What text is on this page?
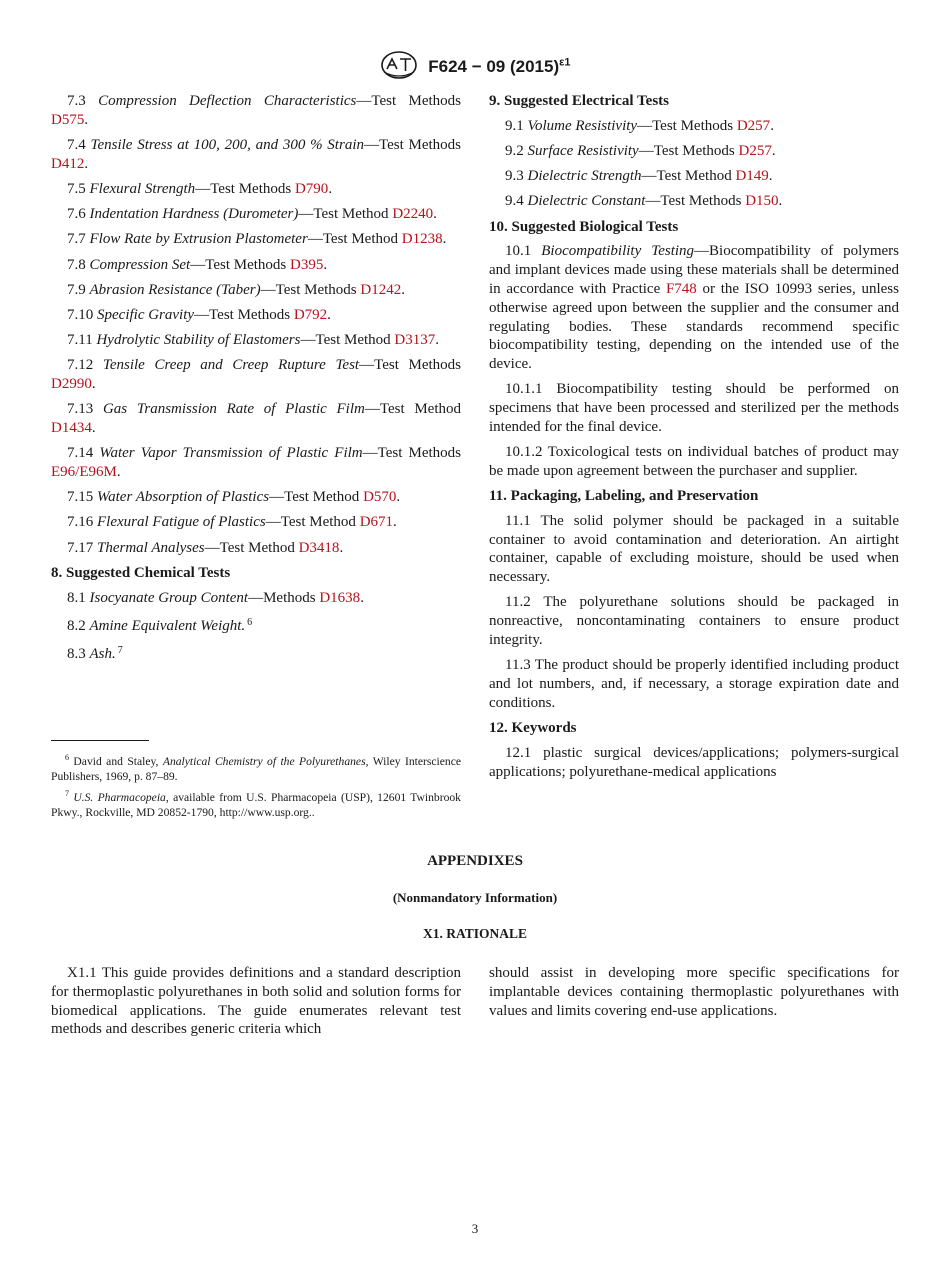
F624 − 09 $(2015)^{\varepsilon 1}$

7.3 Compression Deflection Characteristics—Test Methods D575.

7.4 Tensile Stress at 100, 200, and 300 % Strain—Test Methods D412.

7.5 Flexural Strength—Test Methods D790.

7.6 Indentation Hardness (Durometer)—Test Method D2240.

7.7 Flow Rate by Extrusion Plastometer—Test Method D1238.

7.8 Compression Set—Test Methods D395.

7.9 Abrasion Resistance (Taber)—Test Methods D1242.

7.10 Specific Gravity—Test Methods D792.

7.11 Hydrolytic Stability of Elastomers—Test Method D3137.

7.12 Tensile Creep and Creep Rupture Test—Test Methods D2990.

7.13 Gas Transmission Rate of Plastic Film—Test Method D1434.

7.14 Water Vapor Transmission of Plastic Film—Test Methods E96/E96M.

7.15 Water Absorption of Plastics—Test Method D570.

7.16 Flexural Fatigue of Plastics—Test Method D671.

7.17 Thermal Analyses—Test Method D3418.

8. Suggested Chemical Tests

8.1 Isocyanate Group Content—Methods D1638.

8.2 Amine Equivalent Weight. $^6$

8.3 Ash. $^7$

$^6$ David and Staley, Analytical Chemistry of the Polyurethanes, Wiley Interscience Publishers, 1969, p. 87–89.

$^7$ U.S. Pharmacopeia, available from U.S. Pharmacopeia (USP), 12601 Twinbrook Pkwy., Rockville, MD 20852-1790, http://www.usp.org..

9. Suggested Electrical Tests

9.1 Volume Resistivity—Test Methods D257.

9.2 Surface Resistivity—Test Methods D257.

9.3 Dielectric Strength—Test Method D149.

9.4 Dielectric Constant—Test Methods D150.

10. Suggested Biological Tests

10.1 Biocompatibility Testing—Biocompatibility of polymers and implant devices made using these materials shall be determined in accordance with Practice F748 or the ISO 10993 series, unless otherwise agreed upon between the supplier and the consumer and regulating bodies. These standards recommend specific biocompatibility testing, depending on the intended use of the device.

10.1.1 Biocompatibility testing should be performed on specimens that have been processed and sterilized per the methods intended for the final device.

10.1.2 Toxicological tests on individual batches of product may be made upon agreement between the purchaser and supplier.

11. Packaging, Labeling, and Preservation

11.1 The solid polymer should be packaged in a suitable container to avoid contamination and deterioration. An airtight container, capable of excluding moisture, should be used when necessary.

11.2 The polyurethane solutions should be packaged in nonreactive, noncontaminating containers to ensure product integrity.

11.3 The product should be properly identified including product and lot numbers, and, if necessary, a storage expiration date and conditions.

12. Keywords

12.1 plastic surgical devices/applications; polymers-surgical applications; polyurethane-medical applications

APPENDIXES
(Nonmandatory Information)
X1. RATIONALE
X1.1 This guide provides definitions and a standard description for thermoplastic polyurethanes in both solid and solution forms for biomedical applications. The guide enumerates relevant test methods and describes generic criteria which
should assist in developing more specific specifications for implantable devices containing thermoplastic polyurethanes with values and limits covering end-use applications.
3
